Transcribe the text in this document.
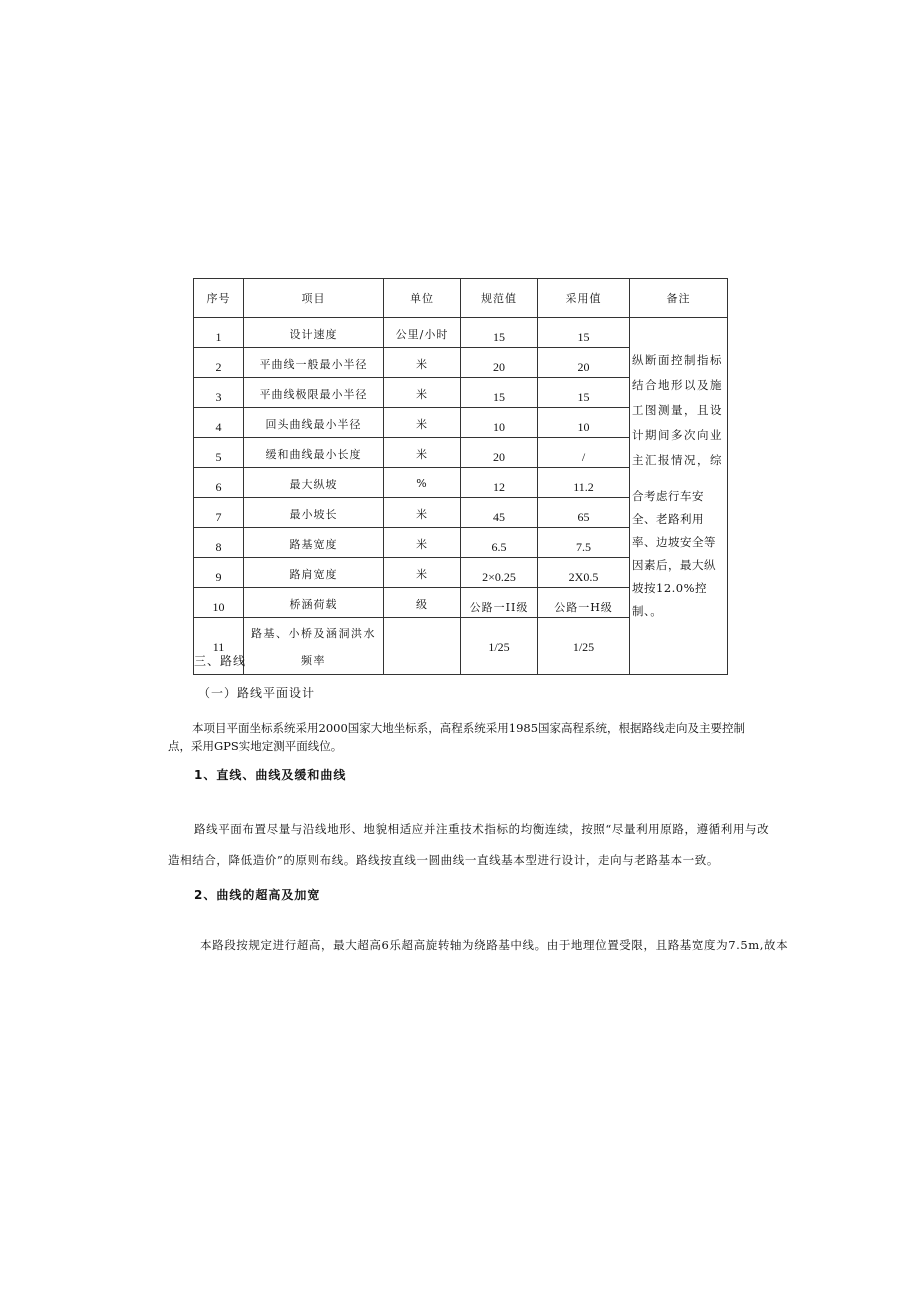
序号	项目	单位	规范值	采用值	备注
1	设计速度	公里/小时	15	15	纵断面控制指标结合地形以及施工图测量，且设计期间多次向业主汇报情况，综
合考虑行车安全、老路利用率、边坡安全等因素后，最大纵坡按12.0%控制、。

2	平曲线一般最小半径	米	20	20	
3	平曲线极限最小半径	米	15	15	
4	回头曲线最小半径	米	10	10	
5	缓和曲线最小长度	米	20	/	
6	最大纵坡	%	12	11.2	
7	最小坡长	米	45	65	
8	路基宽度	米	6.5	7.5	
9	路肩宽度	米	2×0.25	2X0.5	
10	桥涵荷载	级	公路一II级	公路一H级	
11	路基、小桥及涵洞洪水频率		1/25	1/25	
三、路线
（一）路线平面设计
本项目平面坐标系统采用2000国家大地坐标系，高程系统采用1985国家高程系统，根据路线走向及主要控制点，采用GPS实地定测平面线位。
1、直线、曲线及缓和曲线
路线平面布置尽量与沿线地形、地貌相适应并注重技术指标的均衡连续，按照“尽量利用原路，遵循利用与改
造相结合，降低造价”的原则布线。路线按直线一圆曲线一直线基本型进行设计，走向与老路基本一致。
2、曲线的超高及加宽
本路段按规定进行超高，最大超高6乐超高旋转轴为绕路基中线。由于地理位置受限，且路基宽度为7.5m,故本
